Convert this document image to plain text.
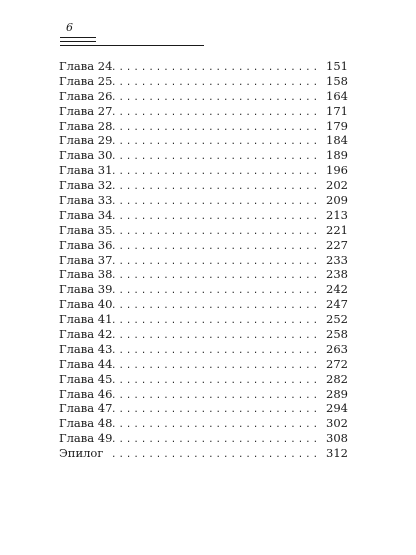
6
Глава 24 .....	151
Глава 25 .....	158
Глава 26 .....	164
Глава 27 .....	171
Глава 28 .....	179
Глава 29 .....	184
Глава 30 .....	189
Глава 31 .....	196
Глава 32 .....	202
Глава 33 .....	209
Глава 34 .....	213
Глава 35 .....	221
Глава 36 .....	227
Глава 37 .....	233
Глава 38 .....	238
Глава 39 .....	242
Глава 40 .....	247
Глава 41 .....	252
Глава 42 .....	258
Глава 43 .....	263
Глава 44 .....	272
Глава 45 .....	282
Глава 46 .....	289
Глава 47 .....	294
Глава 48 .....	302
Глава 49 .....	308
Эпилог .....	312
